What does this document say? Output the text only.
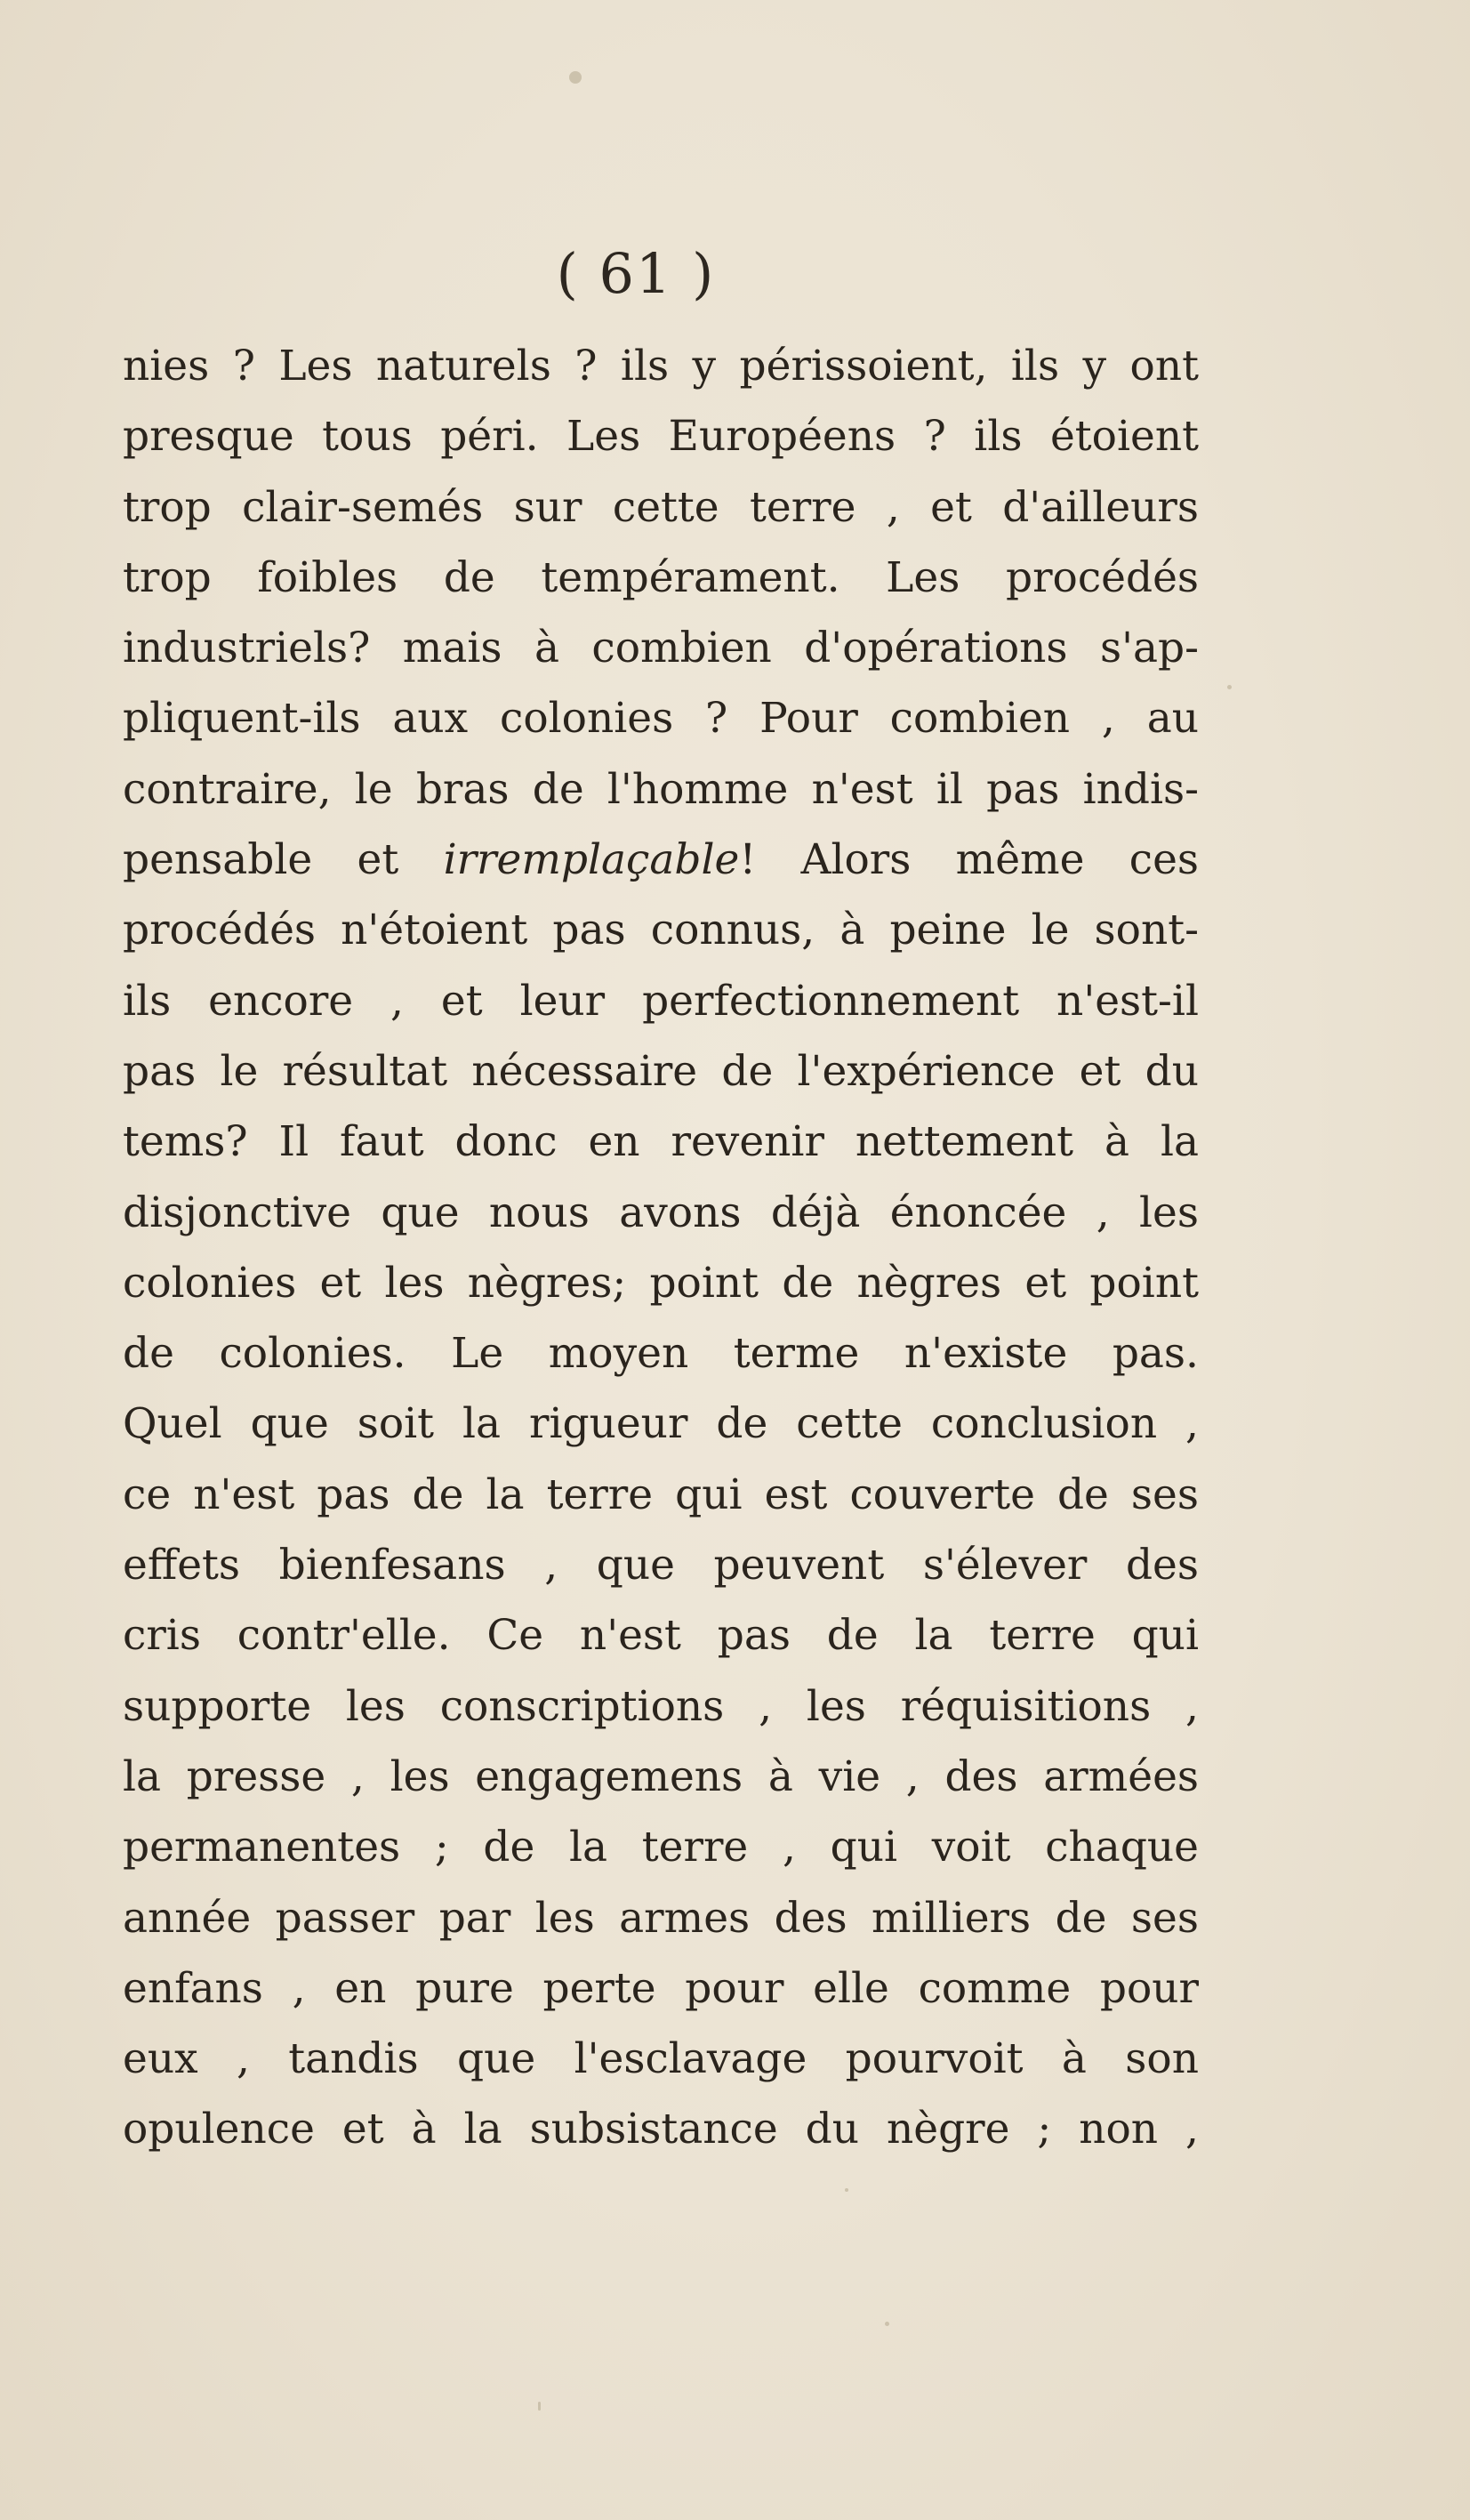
( 61 )
nies ? Les naturels ? ils y périssoient, ils y ont
presque tous péri. Les Européens ? ils étoient
trop clair-semés sur cette terre , et d'ailleurs
trop foibles de tempérament. Les procédés
industriels? mais à combien d'opérations s'ap-
pliquent-ils aux colonies ? Pour combien , au
contraire, le bras de l'homme n'est il pas indis-
pensable et irremplaçable! Alors même ces
procédés n'étoient pas connus, à peine le sont-
ils encore , et leur perfectionnement n'est-il
pas le résultat nécessaire de l'expérience et du
tems? Il faut donc en revenir nettement à la
disjonctive que nous avons déjà énoncée , les
colonies et les nègres; point de nègres et point
de colonies. Le moyen terme n'existe pas.
Quel que soit la rigueur de cette conclusion ,
ce n'est pas de la terre qui est couverte de ses
effets bienfesans , que peuvent s'élever des
cris contr'elle. Ce n'est pas de la terre qui
supporte les conscriptions , les réquisitions ,
la presse , les engagemens à vie , des armées
permanentes ; de la terre , qui voit chaque
année passer par les armes des milliers de ses
enfans , en pure perte pour elle comme pour
eux , tandis que l'esclavage pourvoit à son
opulence et à la subsistance du nègre ; non ,
